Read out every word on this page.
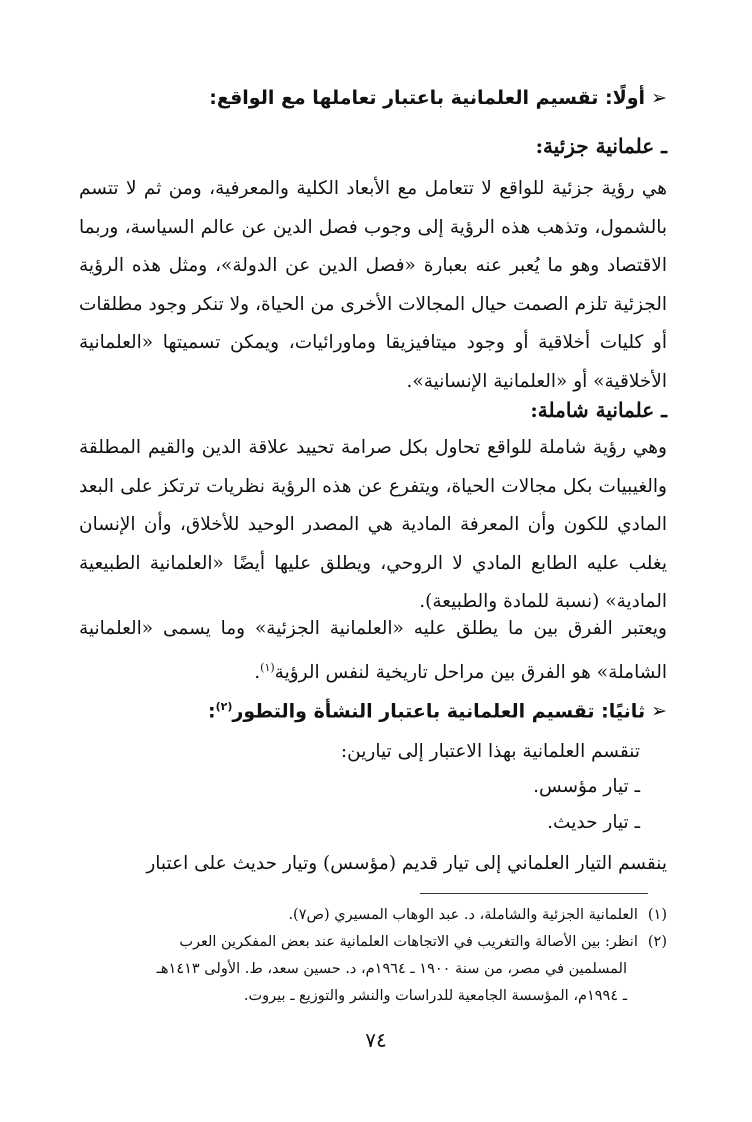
➢أولًا: تقسيم العلمانية باعتبار تعاملها مع الواقع:
ـ علمانية جزئية:

هي رؤية جزئية للواقع لا تتعامل مع الأبعاد الكلية والمعرفية، ومن ثم لا تتسم بالشمول، وتذهب هذه الرؤية إلى وجوب فصل الدين عن عالم السياسة، وربما الاقتصاد وهو ما يُعبر عنه بعبارة «فصل الدين عن الدولة»، ومثل هذه الرؤية الجزئية تلزم الصمت حيال المجالات الأخرى من الحياة، ولا تنكر وجود مطلقات أو كليات أخلاقية أو وجود ميتافيزيقا وماورائيات، ويمكن تسميتها «العلمانية الأخلاقية» أو «العلمانية الإنسانية».

ـ علمانية شاملة:

وهي رؤية شاملة للواقع تحاول بكل صرامة تحييد علاقة الدين والقيم المطلقة والغيبيات بكل مجالات الحياة، ويتفرع عن هذه الرؤية نظريات ترتكز على البعد المادي للكون وأن المعرفة المادية هي المصدر الوحيد للأخلاق، وأن الإنسان يغلب عليه الطابع المادي لا الروحي، ويطلق عليها أيضًا «العلمانية الطبيعية المادية» (نسبة للمادة والطبيعة).

ويعتبر الفرق بين ما يطلق عليه «العلمانية الجزئية» وما يسمى «العلمانية الشاملة» هو الفرق بين مراحل تاريخية لنفس الرؤية$^{(١)}$.

➢ثانيًا: تقسيم العلمانية باعتبار النشأة والتطور$^{(٢)}$:
تنقسم العلمانية بهذا الاعتبار إلى تيارين:
ـ تيار مؤسس.
ـ تيار حديث.
ينقسم التيار العلماني إلى تيار قديم (مؤسس) وتيار حديث على اعتبار
(١)العلمانية الجزئية والشاملة، د. عبد الوهاب المسيري (ص٧).
(٢)انظر: بين الأصالة والتغريب في الاتجاهات العلمانية عند بعض المفكرين العرب
المسلمين في مصر، من سنة ١٩٠٠ ـ ١٩٦٤م، د. حسين سعد، ط. الأولى ١٤١٣هـ
ـ ١٩٩٤م، المؤسسة الجامعية للدراسات والنشر والتوزيع ـ بيروت.
٧٤
